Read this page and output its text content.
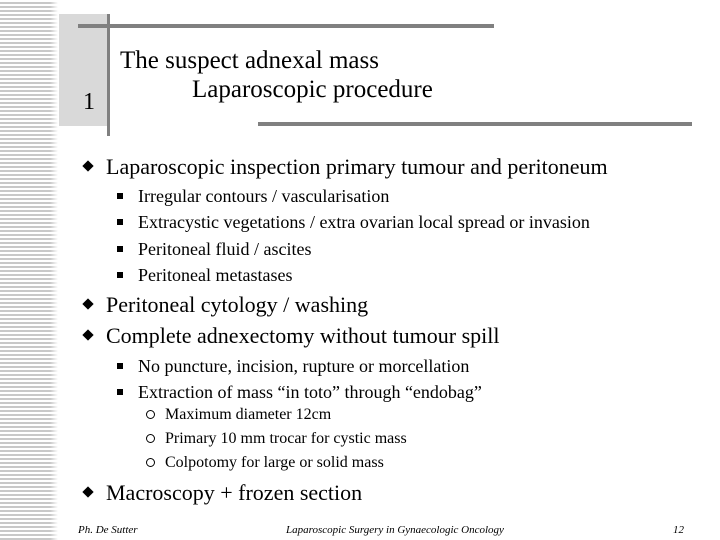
1
The suspect adnexal mass
Laparoscopic procedure
Laparoscopic inspection primary tumour and peritoneum
Irregular contours / vascularisation
Extracystic vegetations / extra ovarian local spread or invasion
Peritoneal fluid / ascites
Peritoneal metastases
Peritoneal cytology / washing
Complete adnexectomy without tumour spill
No puncture, incision, rupture or morcellation
Extraction of mass “in toto” through “endobag”
Maximum diameter 12cm
Primary 10 mm trocar for cystic mass
Colpotomy for large or solid mass
Macroscopy + frozen section
Ph. De Sutter	Laparoscopic Surgery in Gynaecologic Oncology	12
